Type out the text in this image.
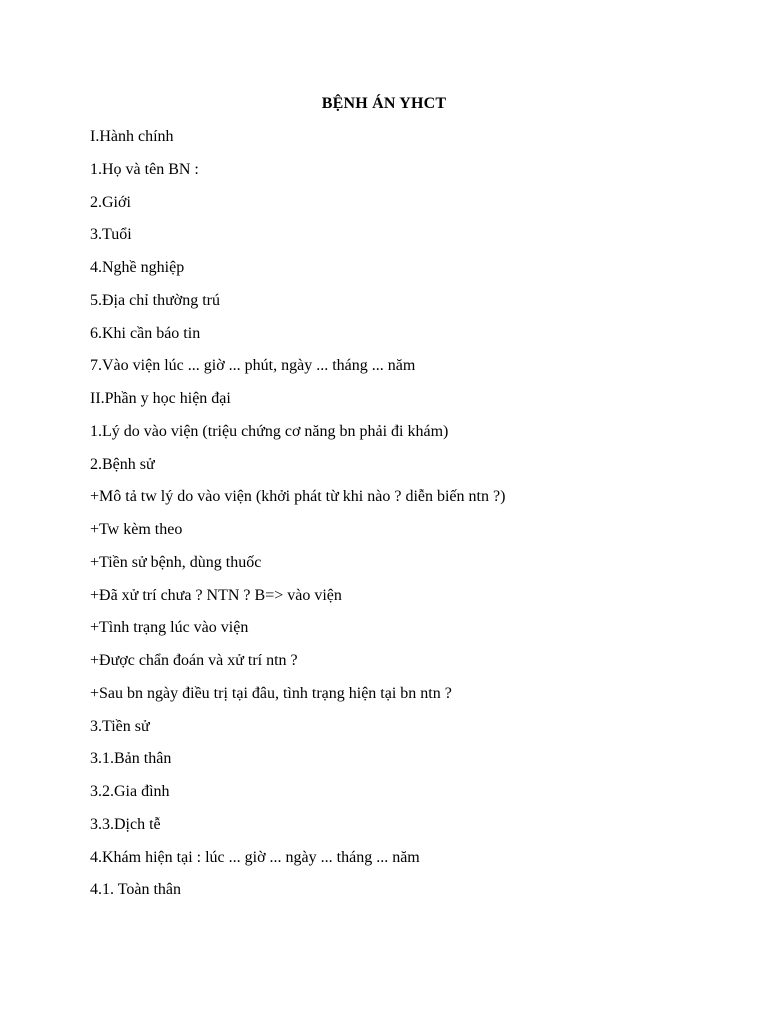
BỆNH ÁN YHCT
I.Hành chính
1.Họ và tên BN :
2.Giới
3.Tuổi
4.Nghề nghiệp
5.Địa chỉ thường trú
6.Khi cần báo tin
7.Vào viện lúc ... giờ ... phút, ngày ... tháng ... năm
II.Phần y học hiện đại
1.Lý do vào viện (triệu chứng cơ năng bn phải đi khám)
2.Bệnh sử
+Mô tả tw lý do vào viện (khởi phát từ khi nào ? diễn biến ntn ?)
+Tw kèm theo
+Tiền sử bệnh, dùng thuốc
+Đã xử trí chưa ? NTN ? B=> vào viện
+Tình trạng lúc vào viện
+Được chẩn đoán và xử trí ntn ?
+Sau bn ngày điều trị tại đâu, tình trạng hiện tại bn ntn ?
3.Tiền sử
3.1.Bản thân
3.2.Gia đình
3.3.Dịch tễ
4.Khám hiện tại : lúc ... giờ ... ngày ... tháng ... năm
4.1. Toàn thân
